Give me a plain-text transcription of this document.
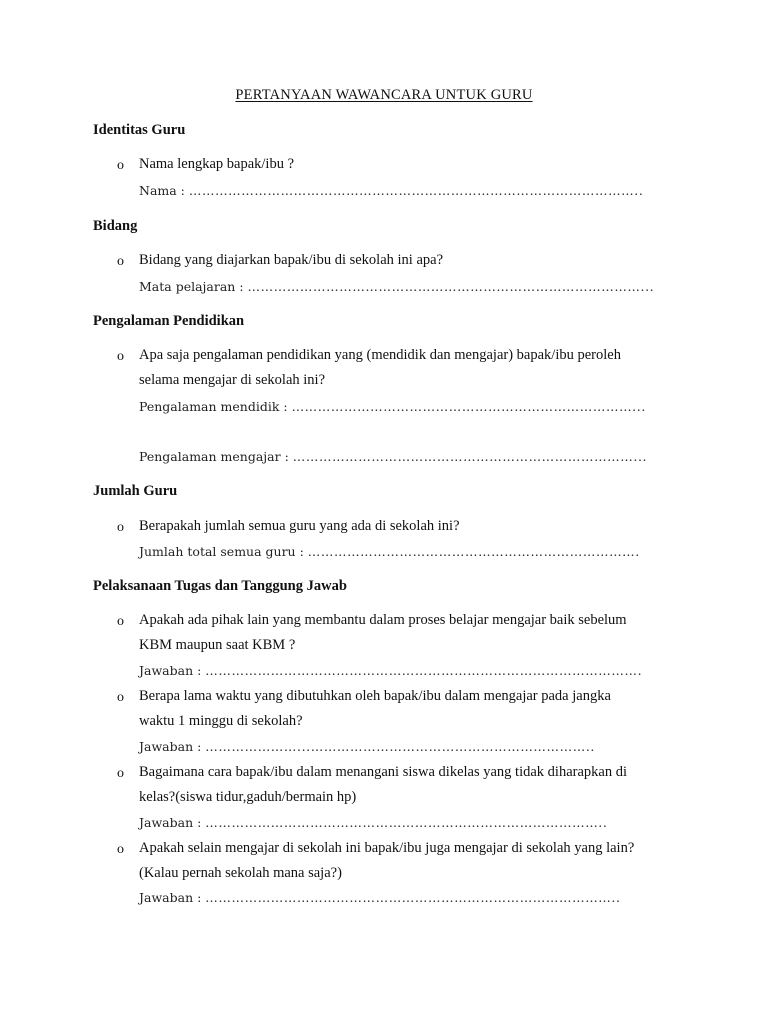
PERTANYAAN WAWANCARA UNTUK GURU
Identitas Guru
o Nama lengkap bapak/ibu ?
Nama : …………………………………………………………………………………………..
Bidang
o Bidang yang diajarkan bapak/ibu di sekolah ini apa?
Mata pelajaran : ………………………………………………………………………………...
Pengalaman Pendidikan
o Apa saja pengalaman pendidikan yang (mendidik dan mengajar) bapak/ibu peroleh
selama mengajar di sekolah ini?
Pengalaman mendidik : ……………………………………………………………………...
Pengalaman mengajar : ……………………………………………………………………...
Jumlah Guru
o Berapakah jumlah semua guru yang ada di sekolah ini?
Jumlah total semua guru : ………………………………………………………………….
Pelaksanaan Tugas dan Tanggung Jawab
o Apakah ada pihak lain yang membantu dalam proses belajar mengajar baik sebelum
KBM maupun saat KBM ?
Jawaban : ……………………………………………………………………………………….
o Berapa lama waktu yang dibutuhkan oleh bapak/ibu dalam mengajar pada jangka
waktu 1 minggu di sekolah?
Jawaban : …………………...………………………………………………………..
o Bagaimana cara bapak/ibu dalam menangani siswa dikelas yang tidak diharapkan di
kelas?(siswa tidur,gaduh/bermain hp)
Jawaban : ………………………………………………………………………………..
o Apakah selain mengajar di sekolah ini bapak/ibu juga mengajar di sekolah yang lain?
(Kalau pernah sekolah mana saja?)
Jawaban : …………………………………………………………………………………..
